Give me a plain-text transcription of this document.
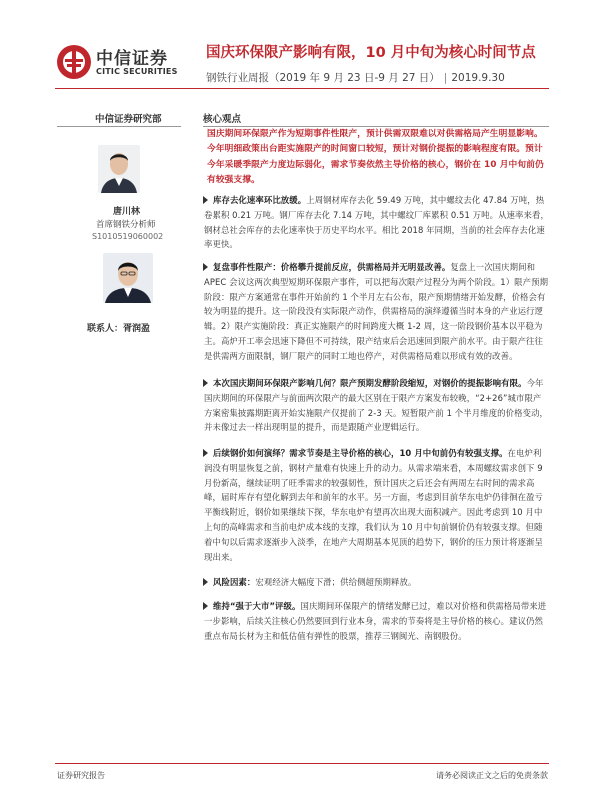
中信证券
CITIC SECURITIES
国庆环保限产影响有限，10 月中旬为核心时间节点
钢铁行业周报（2019 年 9 月 23 日-9 月 27 日） | 2019.9.30
中信证券研究部
唐川林
首席钢铁分析师
S1010519060002
联系人：胥润盈
核心观点

国庆期间环保限产作为短期事件性限产，预计供需双限难以对供需格局产生明显影响。今年明细政策出台距实施限产的时间窗口较短，预计对钢价提振的影响程度有限。预计今年采暖季限产力度边际弱化，需求节奏依然主导价格的核心，钢价在 10 月中旬前仍有较强支撑。

库存去化速率环比放缓。上周钢材库存去化 59.49 万吨，其中螺纹去化 47.84 万吨，热卷累积 0.21 万吨。钢厂库存去化 7.14 万吨，其中螺纹厂库累积 0.51 万吨。从速率来看，钢材总社会库存的去化速率快于历史平均水平。相比 2018 年同期，当前的社会库存去化速率更快。
复盘事件性限产：价格攀升提前反应，供需格局并无明显改善。复盘上一次国庆期间和 APEC 会议这两次典型短期环保限产事件，可以把每次限产过程分为两个阶段。1）限产预期阶段：限产方案通常在事件开始前约 1 个半月左右公布，限产预期情绪开始发酵，价格会有较为明显的提升。这一阶段没有实际限产动作，供需格局的演绎遵循当时本身的产业运行逻辑。2）限产实施阶段：真正实施限产的时间跨度大概 1-2 周，这一阶段钢价基本以平稳为主。高炉开工率会迅速下降但不可持续，限产结束后会迅速回到限产前水平。由于限产往往是供需两方面限制，钢厂限产的同时工地也停产，对供需格局难以形成有效的改善。
本次国庆期间环保限产影响几何？限产预期发酵阶段缩短，对钢价的提振影响有限。今年国庆期间的环保限产与前面两次限产的最大区别在于限产方案发布较晚，“2+26”城市限产方案密集披露期距离开始实施限产仅提前了 2-3 天。短暂限产前 1 个半月维度的价格变动，并未像过去一样出现明显的提升，而是跟随产业逻辑运行。
后续钢价如何演绎？需求节奏是主导价格的核心，10 月中旬前仍有较强支撑。在电炉利润没有明显恢复之前，钢材产量难有快速上升的动力。从需求端来看，本周螺纹需求创下 9 月份新高，继续证明了旺季需求的较强韧性，预计国庆之后还会有两周左右时间的需求高峰，届时库存有望化解到去年和前年的水平。另一方面，考虑到目前华东电炉仍徘徊在盈亏平衡线附近，钢价如果继续下探，华东电炉有望再次出现大面积减产。因此考虑到 10 月中上旬的高峰需求和当前电炉成本线的支撑，我们认为 10 月中旬前钢价仍有较强支撑。但随着中旬以后需求逐渐步入淡季，在地产大周期基本见顶的趋势下，钢价的压力预计将逐渐呈现出来。
风险因素：宏观经济大幅度下滑；供给侧超预期释放。
维持“强于大市”评级。国庆期间环保限产的情绪发酵已过，难以对价格和供需格局带来进一步影响，后续关注核心仍然要回到行业本身，需求的节奏将是主导价格的核心。建议仍然重点布局长材为主和低估值有弹性的股票，推荐三钢闽光、南钢股份。
证券研究报告	请务必阅读正文之后的免责条款
